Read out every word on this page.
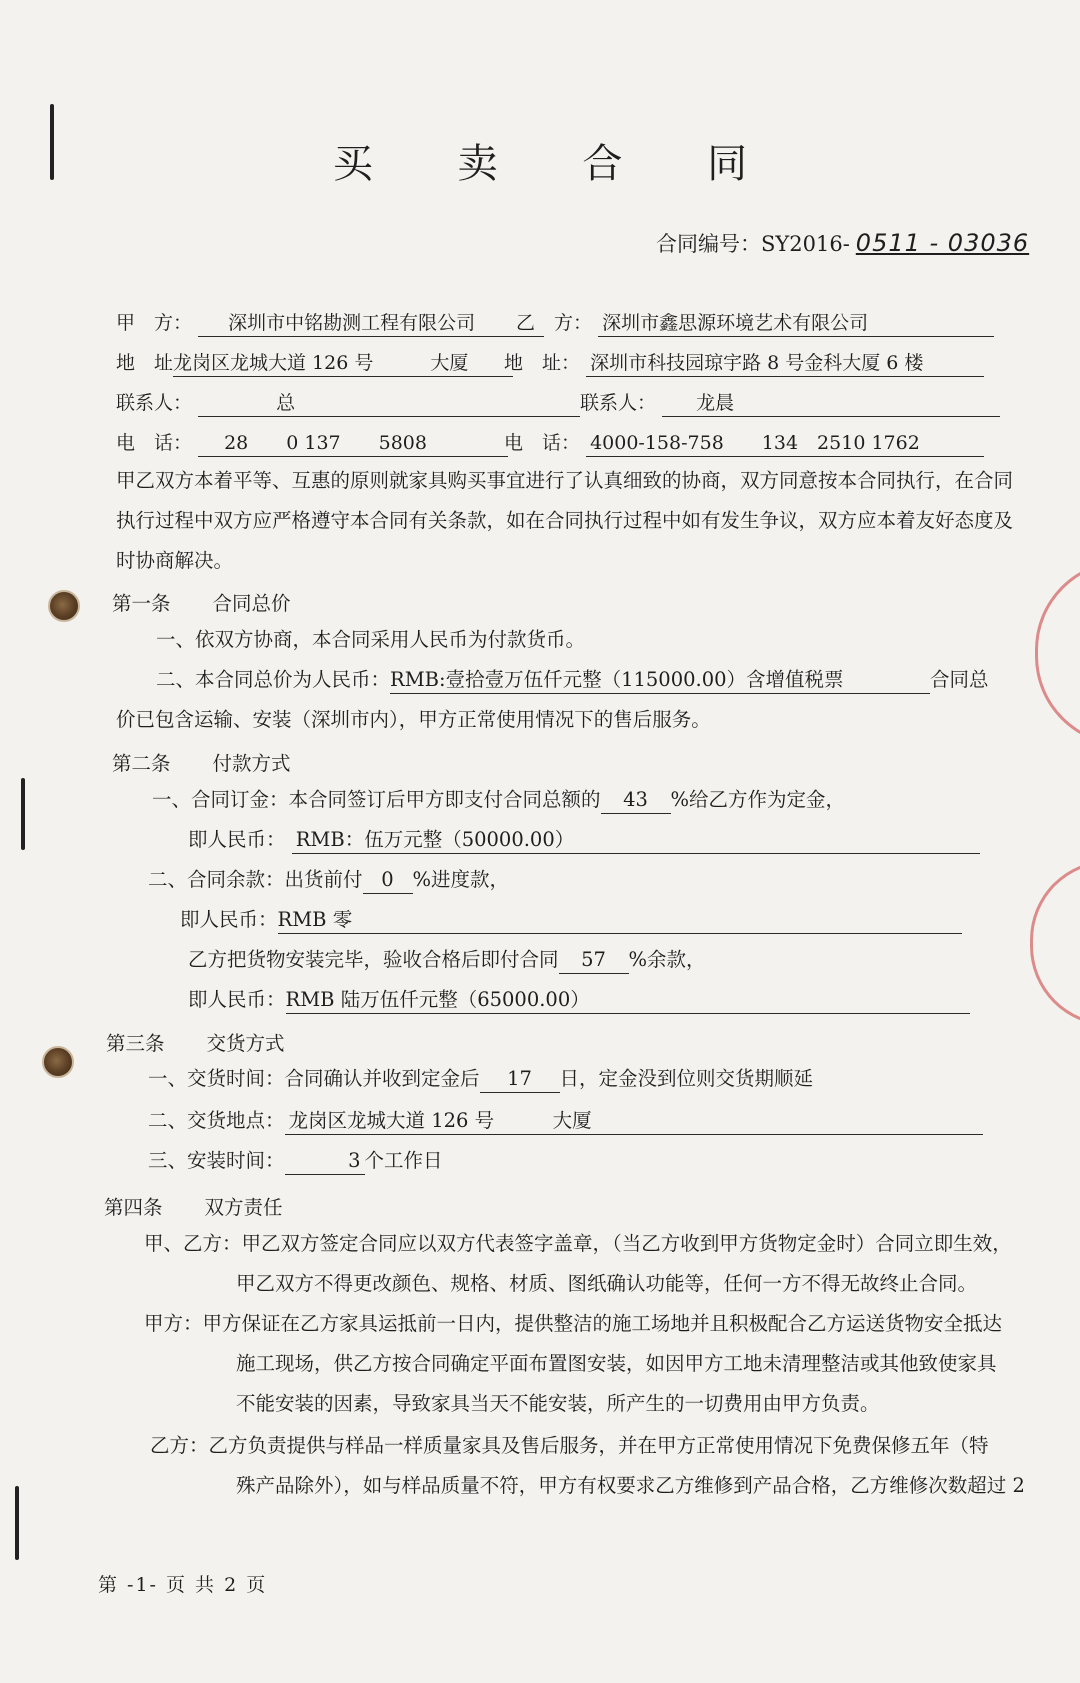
买 卖 合 同
合同编号：SY2016- 0511 - 03036
甲　方： 深圳市中铭勘测工程有限公司	乙　方： 深圳市鑫思源环境艺术有限公司
地　址龙岗区龙城大道 126 号　　　大厦	地　址： 深圳市科技园琼宇路 8 号金科大厦 6 楼
联系人：	总	联系人： 龙晨
电　话： 28　　0 137　　5808	电　话： 4000-158-758　　134　2510 1762
甲乙双方本着平等、互惠的原则就家具购买事宜进行了认真细致的协商，双方同意按本合同执行，在合同
执行过程中双方应严格遵守本合同有关条款，如在合同执行过程中如有发生争议，双方应本着友好态度及
时协商解决。
第一条 合同总价
一、依双方协商，本合同采用人民币为付款货币。
二、本合同总价为人民币：RMB:壹拾壹万伍仟元整（115000.00）含增值税票	合同总
价已包含运输、安装（深圳市内），甲方正常使用情况下的售后服务。
第二条 付款方式
一、合同订金：本合同签订后甲方即支付合同总额的 43 %给乙方作为定金，
即人民币： RMB：伍万元整（50000.00）
二、合同余款：出货前付 0 %进度款，
即人民币：RMB 零
乙方把货物安装完毕，验收合格后即付合同 57 %余款，
即人民币：RMB 陆万伍仟元整（65000.00）
第三条 交货方式
一、交货时间：合同确认并收到定金后 17 日，定金没到位则交货期顺延
二、交货地点： 龙岗区龙城大道 126 号　　　大厦
三、安装时间：	3 个工作日
第四条 双方责任
甲、乙方：甲乙双方签定合同应以双方代表签字盖章，（当乙方收到甲方货物定金时）合同立即生效，
甲乙双方不得更改颜色、规格、材质、图纸确认功能等，任何一方不得无故终止合同。
甲方：甲方保证在乙方家具运抵前一日内，提供整洁的施工场地并且积极配合乙方运送货物安全抵达
施工现场，供乙方按合同确定平面布置图安装，如因甲方工地未清理整洁或其他致使家具
不能安装的因素，导致家具当天不能安装，所产生的一切费用由甲方负责。
乙方：乙方负责提供与样品一样质量家具及售后服务，并在甲方正常使用情况下免费保修五年（特
殊产品除外），如与样品质量不符，甲方有权要求乙方维修到产品合格，乙方维修次数超过 2
第 -1- 页 共 2 页
